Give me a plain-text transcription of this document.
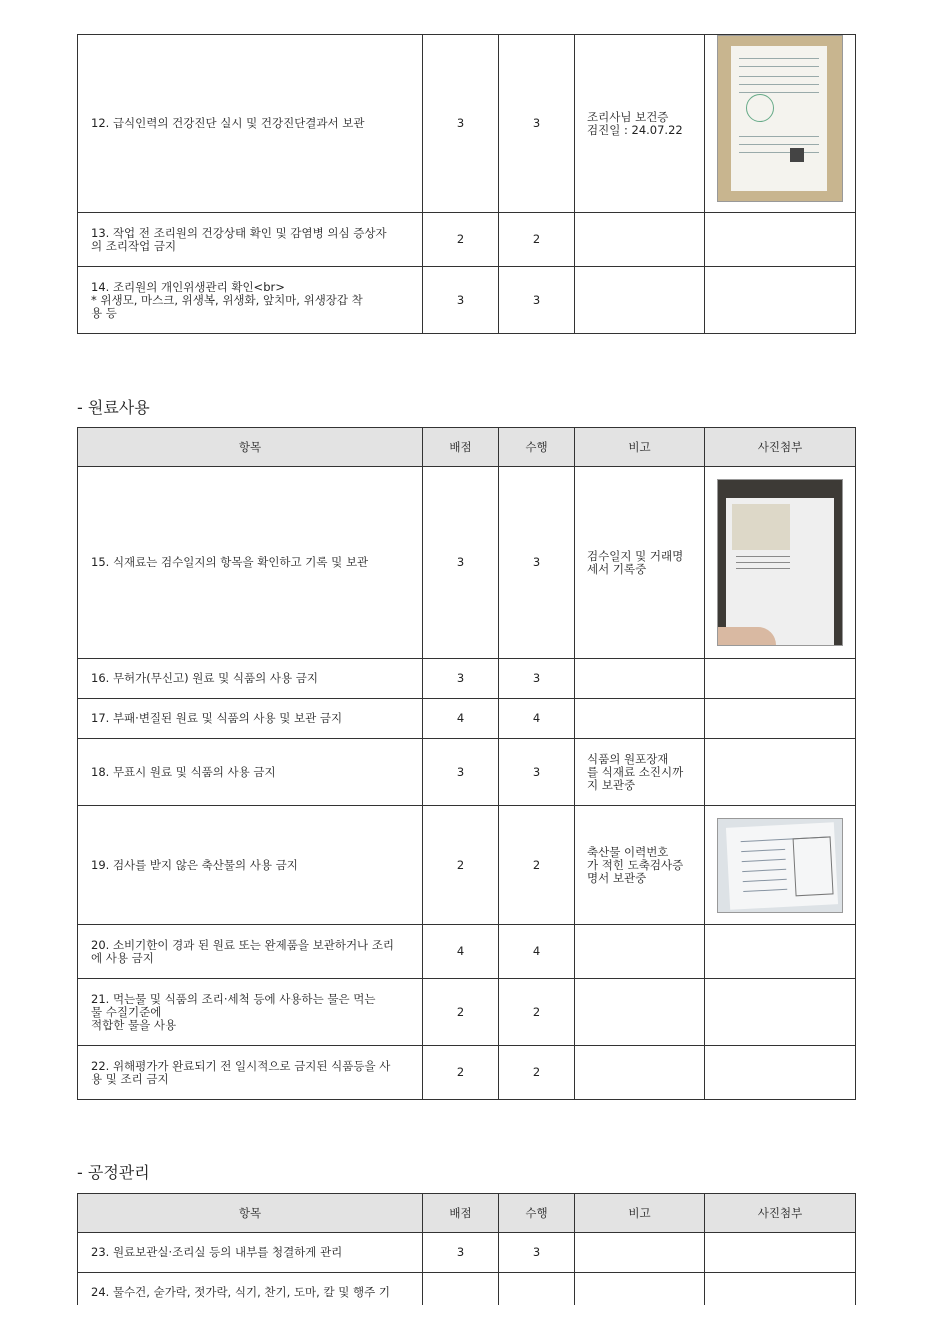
12. 급식인력의 건강진단 실시 및 건강진단결과서 보관	3	3	조리사님 보건증
검진일 : 24.07.22	

13. 작업 전 조리원의 건강상태 확인 및 감염병 의심 증상자
의 조리작업 금지	2	2		
14. 조리원의 개인위생관리 확인<br>
* 위생모, 마스크, 위생복, 위생화, 앞치마, 위생장갑 착
용 등	3	3		
- 원료사용
항목	배점	수행	비고	사진첨부
15. 식재료는 검수일지의 항목을 확인하고 기록 및 보관	3	3	검수일지 및 거래명
세서 기록중	

16. 무허가(무신고) 원료 및 식품의 사용 금지	3	3		
17. 부패·변질된 원료 및 식품의 사용 및 보관 금지	4	4		
18. 무표시 원료 및 식품의 사용 금지	3	3	식품의 원포장재
를 식재료 소진시까
지 보관중	
19. 검사를 받지 않은 축산물의 사용 금지	2	2	축산물 이력번호
가 적힌 도축검사증
명서 보관중	

20. 소비기한이 경과 된 원료 또는 완제품을 보관하거나 조리
에 사용 금지	4	4		
21. 먹는물 및 식품의 조리·세척 등에 사용하는 물은 먹는
물 수질기준에
적합한 물을 사용	2	2		
22. 위해평가가 완료되기 전 일시적으로 금지된 식품등을 사
용 및 조리 금지	2	2		
- 공정관리
항목	배점	수행	비고	사진첨부
23. 원료보관실·조리실 등의 내부를 청결하게 관리	3	3		
24. 물수건, 숟가락, 젓가락, 식기, 찬기, 도마, 칼 및 행주 기				
